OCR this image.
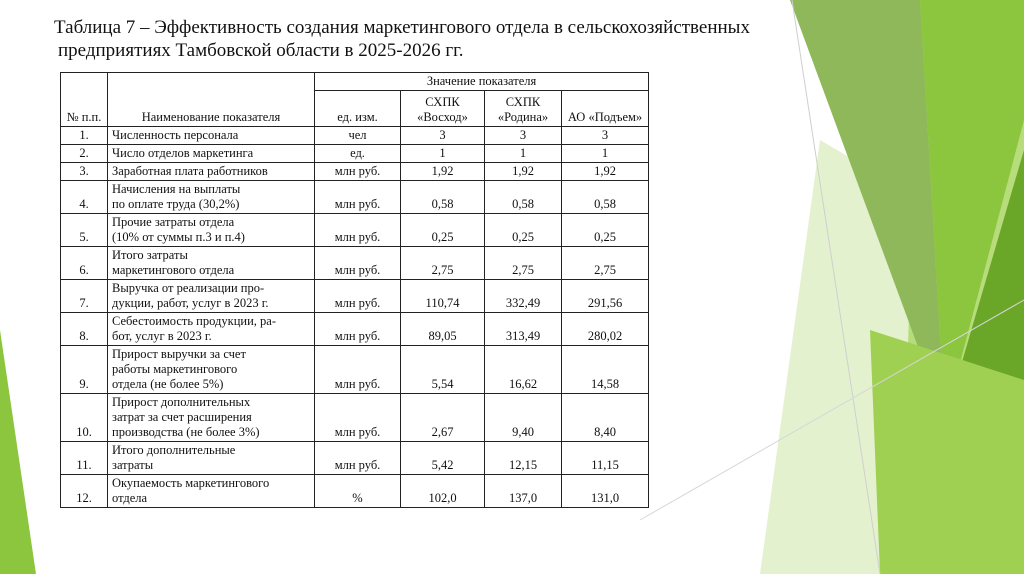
Таблица 7 – Эффективность создания маркетингового отдела в сельскохозяйственных
предприятиях Тамбовской области в 2025-2026 гг.
№ п.п.	Наименование показателя	Значение показателя			
		ед. изм.	СХПК «Восход»	СХПК «Родина»	АО «Подъем»
1.	Численность персонала	чел	3	3	3
2.	Число отделов маркетинга	ед.	1	1	1
3.	Заработная плата работников	млн руб.	1,92	1,92	1,92
4.	Начисления на выплаты
по оплате труда (30,2%)	млн руб.	0,58	0,58	0,58
5.	Прочие затраты отдела
(10% от суммы п.3 и п.4)	млн руб.	0,25	0,25	0,25
6.	Итого затраты
маркетингового отдела	млн руб.	2,75	2,75	2,75
7.	Выручка от реализации про-
дукции, работ, услуг в 2023 г.	млн руб.	110,74	332,49	291,56
8.	Себестоимость продукции, ра-
бот, услуг в 2023 г.	млн руб.	89,05	313,49	280,02
9.	Прирост выручки за счет
работы маркетингового
отдела (не более 5%)	млн руб.	5,54	16,62	14,58
10.	Прирост дополнительных
затрат за счет расширения
производства (не более 3%)	млн руб.	2,67	9,40	8,40
11.	Итого дополнительные
затраты	млн руб.	5,42	12,15	11,15
12.	Окупаемость маркетингового
отдела	%	102,0	137,0	131,0
